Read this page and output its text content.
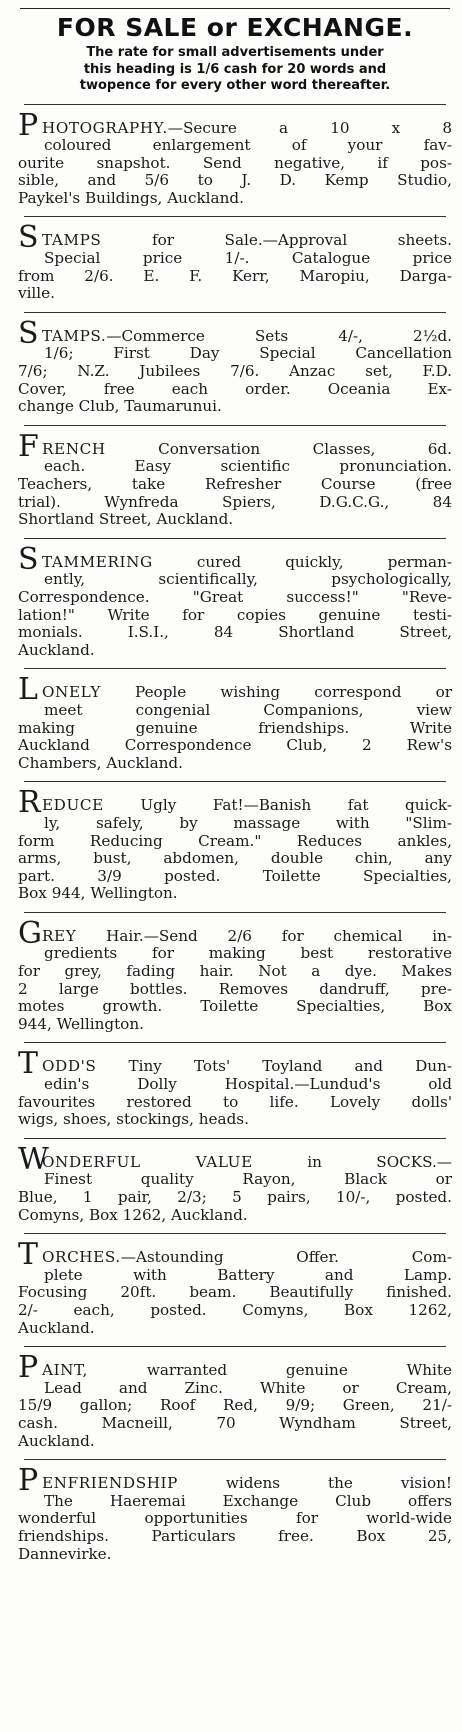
FOR SALE or EXCHANGE.
The rate for small advertisements under
this heading is 1/6 cash for 20 words and
twopence for every other word thereafter.
PHOTOGRAPHY.—Secure a 10 x 8
coloured enlargement of your fav-
ourite snapshot. Send negative, if pos-
sible, and 5/6 to J. D. Kemp Studio,
Paykel's Buildings, Auckland.
STAMPS for Sale.—Approval sheets.
Special price 1/-. Catalogue price
from 2/6. E. F. Kerr, Maropiu, Darga-
ville.
STAMPS.—Commerce Sets 4/-, 2½d.
1/6; First Day Special Cancellation
7/6; N.Z. Jubilees 7/6. Anzac set, F.D.
Cover, free each order. Oceania Ex-
change Club, Taumarunui.
FRENCH Conversation Classes, 6d.
each. Easy scientific pronunciation.
Teachers, take Refresher Course (free
trial). Wynfreda Spiers, D.G.C.G., 84
Shortland Street, Auckland.
STAMMERING cured quickly, perman-
ently, scientifically, psychologically,
Correspondence. "Great success!" "Reve-
lation!" Write for copies genuine testi-
monials. I.S.I., 84 Shortland Street,
Auckland.
LONELY People wishing correspond or
meet congenial Companions, view
making genuine friendships. Write
Auckland Correspondence Club, 2 Rew's
Chambers, Auckland.
REDUCE Ugly Fat!—Banish fat quick-
ly, safely, by massage with "Slim-
form Reducing Cream." Reduces ankles,
arms, bust, abdomen, double chin, any
part. 3/9 posted. Toilette Specialties,
Box 944, Wellington.
GREY Hair.—Send 2/6 for chemical in-
gredients for making best restorative
for grey, fading hair. Not a dye. Makes
2 large bottles. Removes dandruff, pre-
motes growth. Toilette Specialties, Box
944, Wellington.
TODD'S Tiny Tots' Toyland and Dun-
edin's Dolly Hospital.—Lundud's old
favourites restored to life. Lovely dolls'
wigs, shoes, stockings, heads.
WONDERFUL VALUE in SOCKS.—
Finest quality Rayon, Black or
Blue, 1 pair, 2/3; 5 pairs, 10/-, posted.
Comyns, Box 1262, Auckland.
TORCHES.—Astounding Offer. Com-
plete with Battery and Lamp.
Focusing 20ft. beam. Beautifully finished.
2/- each, posted. Comyns, Box 1262,
Auckland.
PAINT, warranted genuine White
Lead and Zinc. White or Cream,
15/9 gallon; Roof Red, 9/9; Green, 21/-
cash. Macneill, 70 Wyndham Street,
Auckland.
PENFRIENDSHIP widens the vision!
The Haeremai Exchange Club offers
wonderful opportunities for world-wide
friendships. Particulars free. Box 25,
Dannevirke.
